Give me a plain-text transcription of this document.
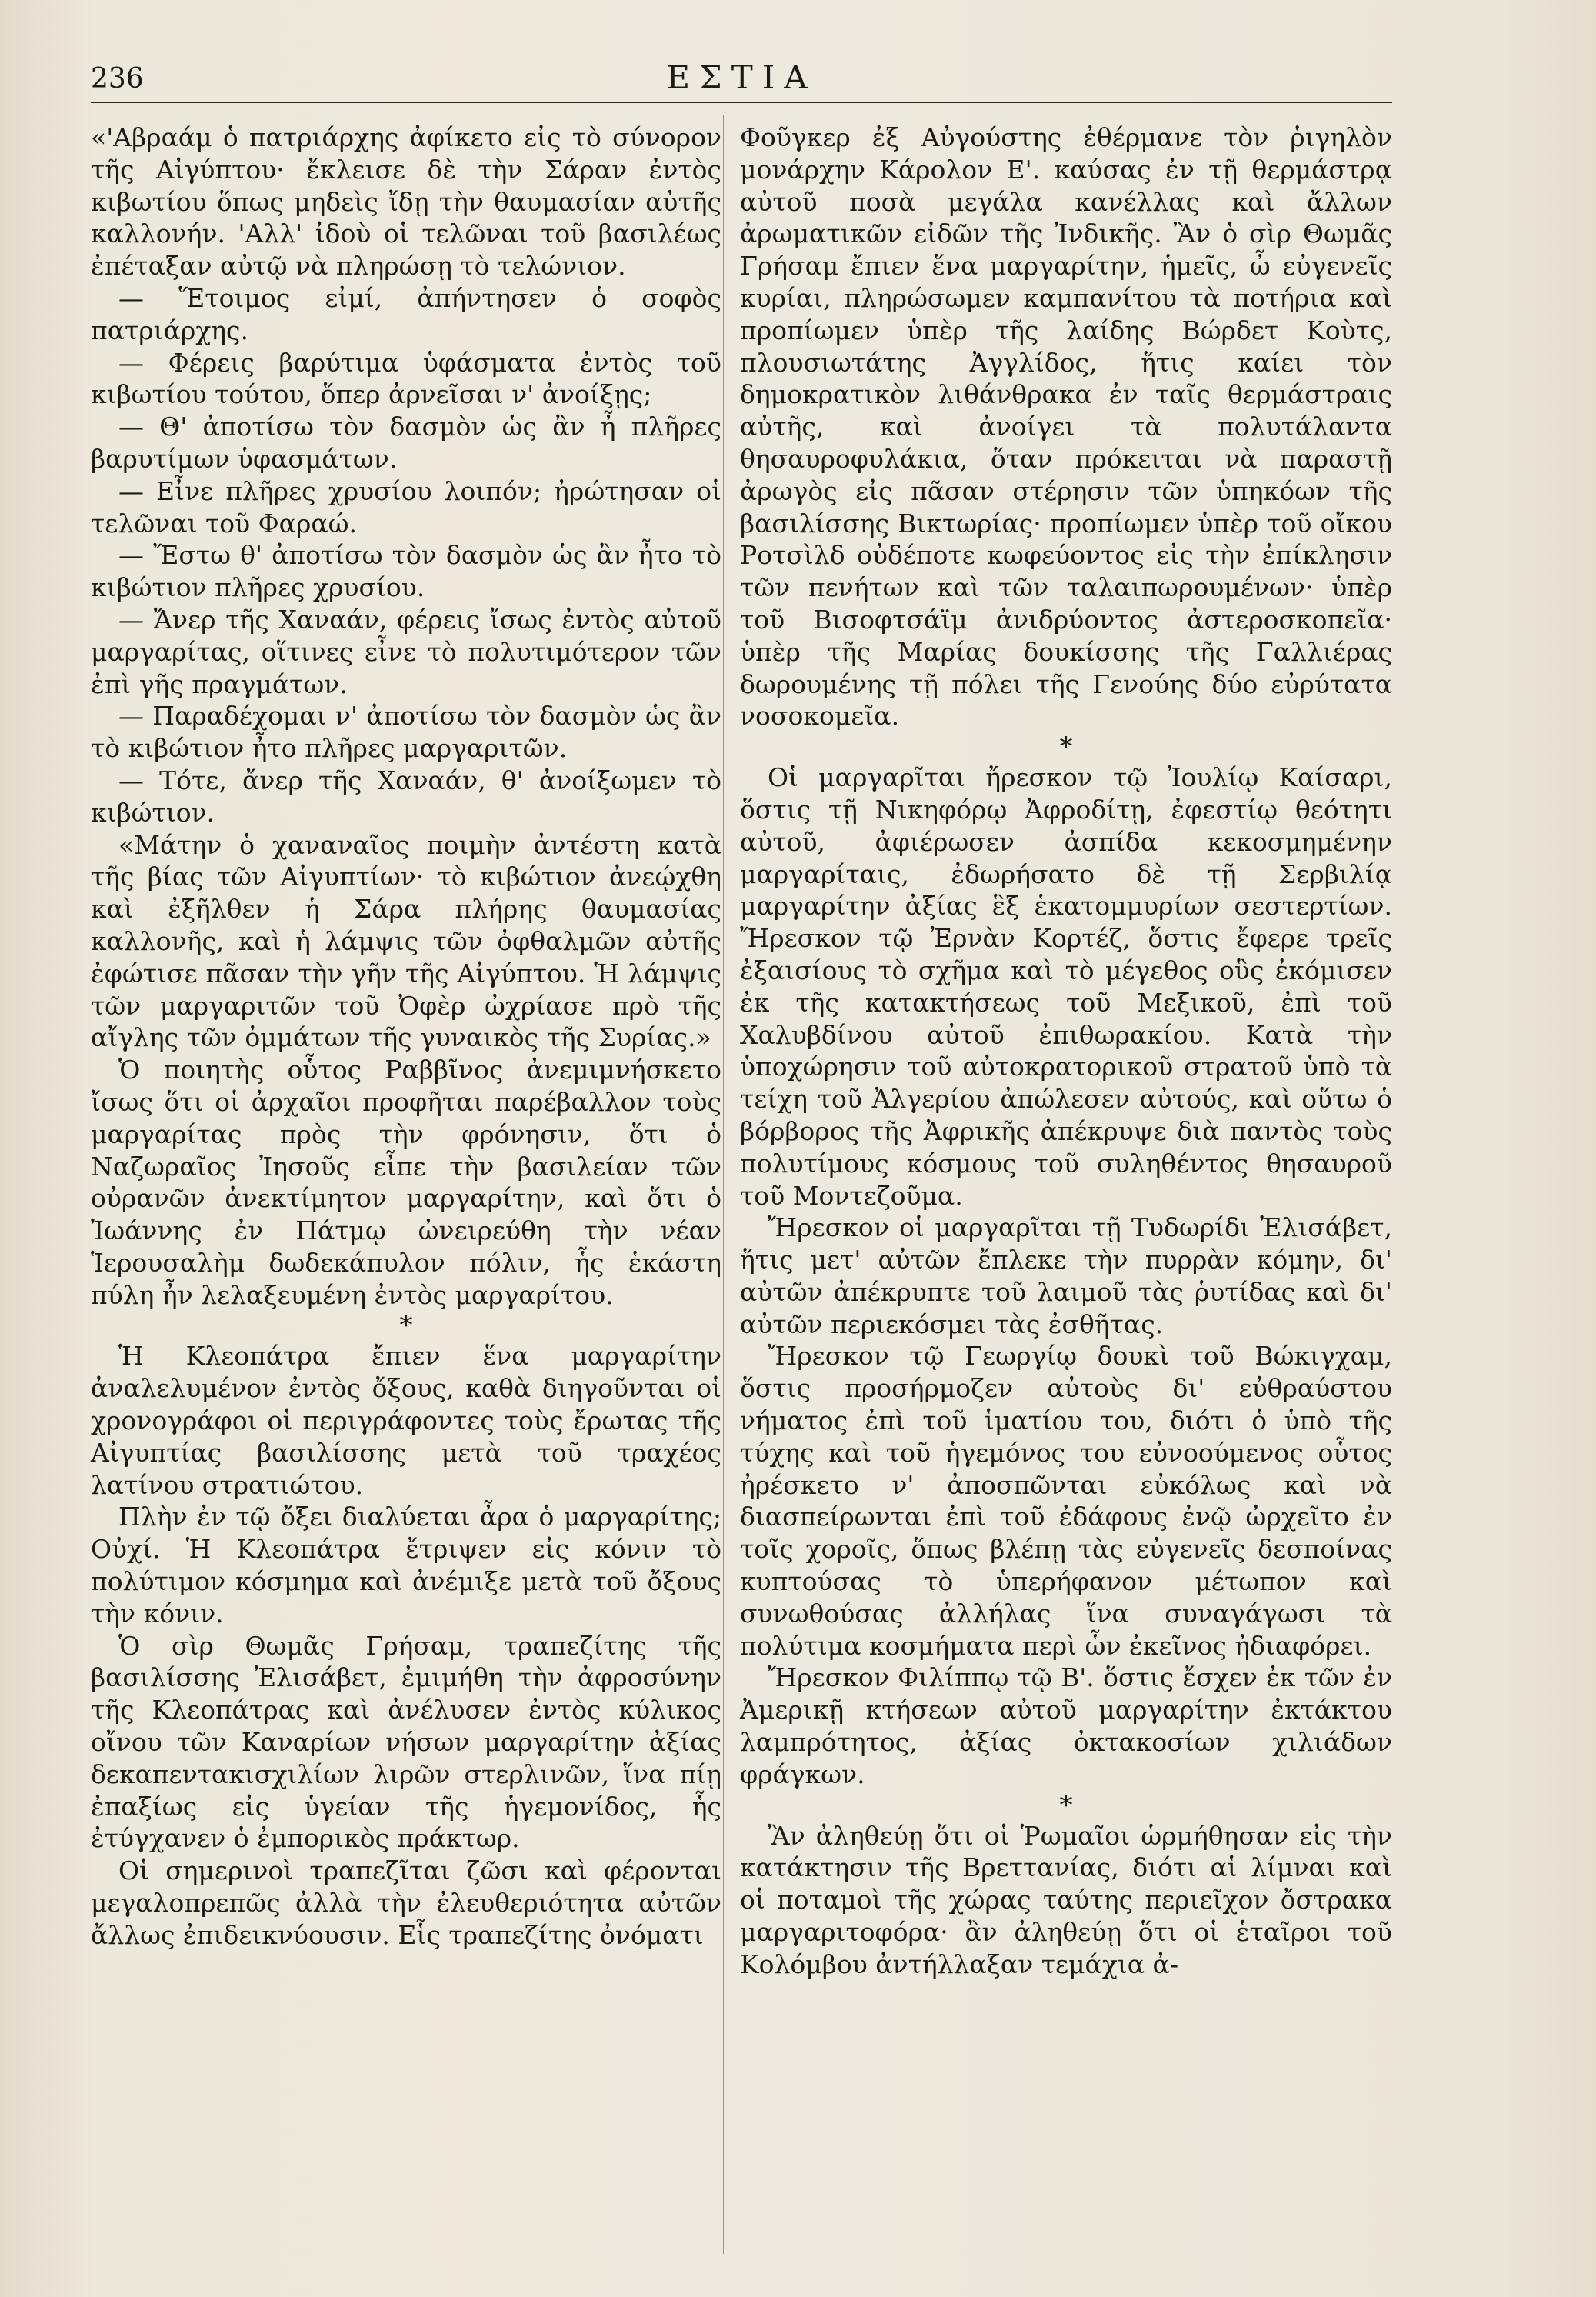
236	ΕΣΤΙΑ

«'Αβραάμ ὁ πατριάρχης ἀφίκετο εἰς τὸ σύνορον τῆς Αἰγύπτου· ἔκλεισε δὲ τὴν Σάραν ἐντὸς κιβωτίου ὅπως μηδεὶς ἴδῃ τὴν θαυμασίαν αὐτῆς καλλονήν. 'Αλλ' ἰδοὺ οἱ τελῶναι τοῦ βασιλέως ἐπέταξαν αὐτῷ νὰ πληρώσῃ τὸ τελώνιον.

— Ἕτοιμος εἰμί, ἀπήντησεν ὁ σοφὸς πατριάρχης.

— Φέρεις βαρύτιμα ὑφάσματα ἐντὸς τοῦ κιβωτίου τούτου, ὅπερ ἀρνεῖσαι ν' ἀνοίξῃς;

— Θ' ἀποτίσω τὸν δασμὸν ὡς ἂν ἦ πλῆρες βαρυτίμων ὑφασμάτων.

— Εἶνε πλῆρες χρυσίου λοιπόν; ἠρώτησαν οἱ τελῶναι τοῦ Φαραώ.

— Ἔστω θ' ἀποτίσω τὸν δασμὸν ὡς ἂν ἦτο τὸ κιβώτιον πλῆρες χρυσίου.

— Ἄνερ τῆς Χαναάν, φέρεις ἴσως ἐντὸς αὐτοῦ μαργαρίτας, οἵτινες εἶνε τὸ πολυτιμότερον τῶν ἐπὶ γῆς πραγμάτων.

— Παραδέχομαι ν' ἀποτίσω τὸν δασμὸν ὡς ἂν τὸ κιβώτιον ἦτο πλῆρες μαργαριτῶν.

— Τότε, ἄνερ τῆς Χαναάν, θ' ἀνοίξωμεν τὸ κιβώτιον.

«Μάτην ὁ χαναναῖος ποιμὴν ἀντέστη κατὰ τῆς βίας τῶν Αἰγυπτίων· τὸ κιβώτιον ἀνεῴχθη καὶ ἐξῆλθεν ἡ Σάρα πλήρης θαυμασίας καλλονῆς, καὶ ἡ λάμψις τῶν ὀφθαλμῶν αὐτῆς ἐφώτισε πᾶσαν τὴν γῆν τῆς Αἰγύπτου. Ἡ λάμψις τῶν μαργαριτῶν τοῦ Ὀφὲρ ὠχρίασε πρὸ τῆς αἴγλης τῶν ὀμμάτων τῆς γυναικὸς τῆς Συρίας.»

Ὁ ποιητὴς οὗτος Ραββῖνος ἀνεμιμνήσκετο ἴσως ὅτι οἱ ἀρχαῖοι προφῆται παρέβαλλον τοὺς μαργαρίτας πρὸς τὴν φρόνησιν, ὅτι ὁ Ναζωραῖος Ἰησοῦς εἶπε τὴν βασιλείαν τῶν οὐρανῶν ἀνεκτίμητον μαργαρίτην, καὶ ὅτι ὁ Ἰωάννης ἐν Πάτμῳ ὠνειρεύθη τὴν νέαν Ἱερουσαλὴμ δωδεκάπυλον πόλιν, ἧς ἑκάστη πύλη ἦν λελαξευμένη ἐντὸς μαργαρίτου.

*

Ἡ Κλεοπάτρα ἔπιεν ἕνα μαργαρίτην ἀναλελυμένον ἐντὸς ὄξους, καθὰ διηγοῦνται οἱ χρονογράφοι οἱ περιγράφοντες τοὺς ἔρωτας τῆς Αἰγυπτίας βασιλίσσης μετὰ τοῦ τραχέος λατίνου στρατιώτου.

Πλὴν ἐν τῷ ὄξει διαλύεται ἆρα ὁ μαργαρίτης; Οὐχί. Ἡ Κλεοπάτρα ἔτριψεν εἰς κόνιν τὸ πολύτιμον κόσμημα καὶ ἀνέμιξε μετὰ τοῦ ὄξους τὴν κόνιν.

Ὁ σὶρ Θωμᾶς Γρήσαμ, τραπεζίτης τῆς βασιλίσσης Ἐλισάβετ, ἐμιμήθη τὴν ἀφροσύνην τῆς Κλεοπάτρας καὶ ἀνέλυσεν ἐντὸς κύλικος οἴνου τῶν Καναρίων νήσων μαργαρίτην ἀξίας δεκαπεντακισχιλίων λιρῶν στερλινῶν, ἵνα πίῃ ἐπαξίως εἰς ὑγείαν τῆς ἡγεμονίδος, ἧς ἐτύγχανεν ὁ ἐμπορικὸς πράκτωρ.

Οἱ σημερινοὶ τραπεζῖται ζῶσι καὶ φέρονται μεγαλοπρεπῶς ἀλλὰ τὴν ἐλευθεριότητα αὐτῶν ἄλλως ἐπιδεικνύουσιν. Εἷς τραπεζίτης ὀνόματι

Φοῦγκερ ἐξ Αὐγούστης ἐθέρμανε τὸν ῥιγηλὸν μονάρχην Κάρολον Ε'. καύσας ἐν τῇ θερμάστρᾳ αὐτοῦ ποσὰ μεγάλα κανέλλας καὶ ἄλλων ἀρωματικῶν εἰδῶν τῆς Ἰνδικῆς. Ἂν ὁ σὶρ Θωμᾶς Γρήσαμ ἔπιεν ἕνα μαργαρίτην, ἡμεῖς, ὦ εὐγενεῖς κυρίαι, πληρώσωμεν καμπανίτου τὰ ποτήρια καὶ προπίωμεν ὑπὲρ τῆς λαίδης Βώρδετ Κοὺτς, πλουσιωτάτης Ἀγγλίδος, ἥτις καίει τὸν δημοκρατικὸν λιθάνθρακα ἐν ταῖς θερμάστραις αὐτῆς, καὶ ἀνοίγει τὰ πολυτάλαντα θησαυροφυλάκια, ὅταν πρόκειται νὰ παραστῇ ἀρωγὸς εἰς πᾶσαν στέρησιν τῶν ὑπηκόων τῆς βασιλίσσης Βικτωρίας· προπίωμεν ὑπὲρ τοῦ οἴκου Ροτσὶλδ οὐδέποτε κωφεύοντος εἰς τὴν ἐπίκλησιν τῶν πενήτων καὶ τῶν ταλαιπωρουμένων· ὑπὲρ τοῦ Βισοφτσάϊμ ἀνιδρύοντος ἀστεροσκοπεῖα· ὑπὲρ τῆς Μαρίας δουκίσσης τῆς Γαλλιέρας δωρουμένης τῇ πόλει τῆς Γενούης δύο εὐρύτατα νοσοκομεῖα.

*

Οἱ μαργαρῖται ἤρεσκον τῷ Ἰουλίῳ Καίσαρι, ὅστις τῇ Νικηφόρῳ Ἀφροδίτῃ, ἐφεστίῳ θεότητι αὐτοῦ, ἀφιέρωσεν ἀσπίδα κεκοσμημένην μαργαρίταις, ἐδωρήσατο δὲ τῇ Σερβιλίᾳ μαργαρίτην ἀξίας ἓξ ἑκατομμυρίων σεστερτίων. Ἤρεσκον τῷ Ἐρνὰν Κορτέζ, ὅστις ἔφερε τρεῖς ἐξαισίους τὸ σχῆμα καὶ τὸ μέγεθος οὓς ἐκόμισεν ἐκ τῆς κατακτήσεως τοῦ Μεξικοῦ, ἐπὶ τοῦ Χαλυβδίνου αὐτοῦ ἐπιθωρακίου. Κατὰ τὴν ὑποχώρησιν τοῦ αὐτοκρατορικοῦ στρατοῦ ὑπὸ τὰ τείχη τοῦ Ἀλγερίου ἀπώλεσεν αὐτούς, καὶ οὕτω ὁ βόρβορος τῆς Ἀφρικῆς ἀπέκρυψε διὰ παντὸς τοὺς πολυτίμους κόσμους τοῦ συληθέντος θησαυροῦ τοῦ Μοντεζοῦμα.

Ἤρεσκον οἱ μαργαρῖται τῇ Τυδωρίδι Ἐλισάβετ, ἥτις μετ' αὐτῶν ἔπλεκε τὴν πυρρὰν κόμην, δι' αὐτῶν ἀπέκρυπτε τοῦ λαιμοῦ τὰς ῥυτίδας καὶ δι' αὐτῶν περιεκόσμει τὰς ἐσθῆτας.

Ἤρεσκον τῷ Γεωργίῳ δουκὶ τοῦ Βώκιγχαμ, ὅστις προσήρμοζεν αὐτοὺς δι' εὐθραύστου νήματος ἐπὶ τοῦ ἱματίου του, διότι ὁ ὑπὸ τῆς τύχης καὶ τοῦ ἡγεμόνος του εὐνοούμενος οὗτος ἠρέσκετο ν' ἀποσπῶνται εὐκόλως καὶ νὰ διασπείρωνται ἐπὶ τοῦ ἐδάφους ἐνῷ ὠρχεῖτο ἐν τοῖς χοροῖς, ὅπως βλέπῃ τὰς εὐγενεῖς δεσποίνας κυπτούσας τὸ ὑπερήφανον μέτωπον καὶ συνωθούσας ἀλλήλας ἵνα συναγάγωσι τὰ πολύτιμα κοσμήματα περὶ ὧν ἐκεῖνος ἠδιαφόρει.

Ἤρεσκον Φιλίππῳ τῷ Β'. ὅστις ἔσχεν ἐκ τῶν ἐν Ἀμερικῇ κτήσεων αὐτοῦ μαργαρίτην ἐκτάκτου λαμπρότητος, ἀξίας ὀκτακοσίων χιλιάδων φράγκων.

*

Ἂν ἀληθεύῃ ὅτι οἱ Ῥωμαῖοι ὡρμήθησαν εἰς τὴν κατάκτησιν τῆς Βρεττανίας, διότι αἱ λίμναι καὶ οἱ ποταμοὶ τῆς χώρας ταύτης περιεῖχον ὄστρακα μαργαριτοφόρα· ἂν ἀληθεύῃ ὅτι οἱ ἑταῖροι τοῦ Κολόμβου ἀντήλλαξαν τεμάχια ἀ-
